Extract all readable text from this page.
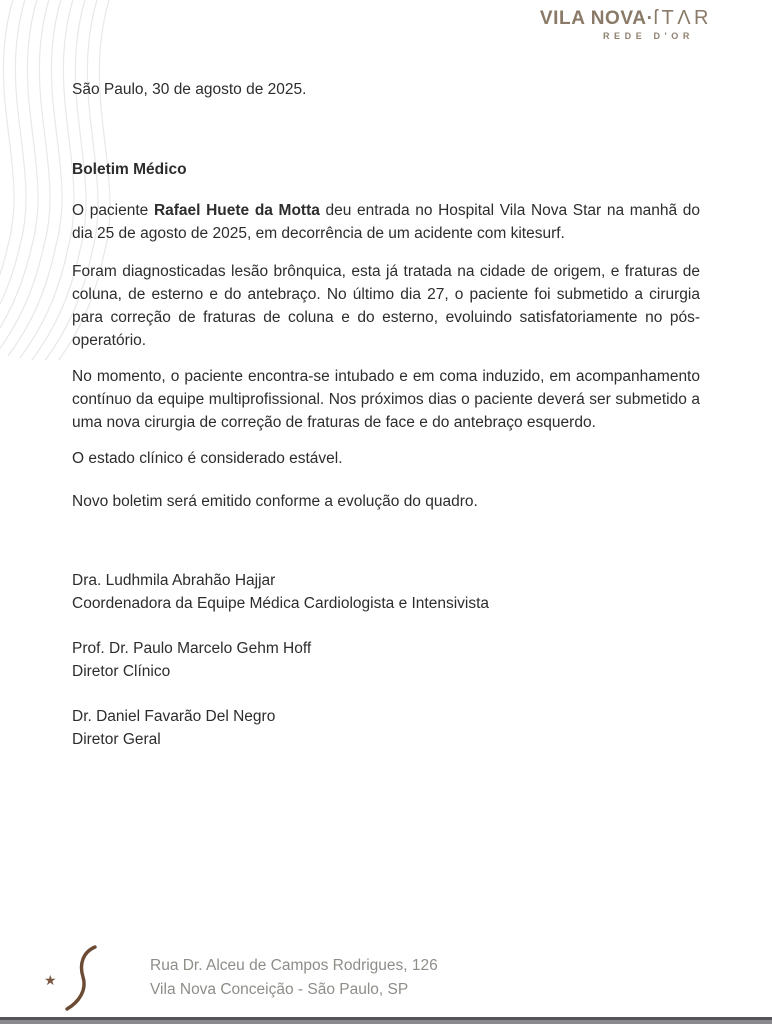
VILA NOVA·ſTΛR
REDE D'OR

São Paulo, 30 de agosto de 2025.

Boletim Médico

O paciente Rafael Huete da Motta deu entrada no Hospital Vila Nova Star na manhã do dia 25 de agosto de 2025, em decorrência de um acidente com kitesurf.

Foram diagnosticadas lesão brônquica, esta já tratada na cidade de origem, e fraturas de coluna, de esterno e do antebraço. No último dia 27, o paciente foi submetido a cirurgia para correção de fraturas de coluna e do esterno, evoluindo satisfatoriamente no pós-operatório.

No momento, o paciente encontra-se intubado e em coma induzido, em acompanhamento contínuo da equipe multiprofissional. Nos próximos dias o paciente deverá ser submetido a uma nova cirurgia de correção de fraturas de face e do antebraço esquerdo.

O estado clínico é considerado estável.

Novo boletim será emitido conforme a evolução do quadro.

Dra. Ludhmila Abrahão Hajjar
Coordenadora da Equipe Médica Cardiologista e Intensivista
Prof. Dr. Paulo Marcelo Gehm Hoff
Diretor Clínico
Dr. Daniel Favarão Del Negro
Diretor Geral
★
Rua Dr. Alceu de Campos Rodrigues, 126
Vila Nova Conceição - São Paulo, SP
